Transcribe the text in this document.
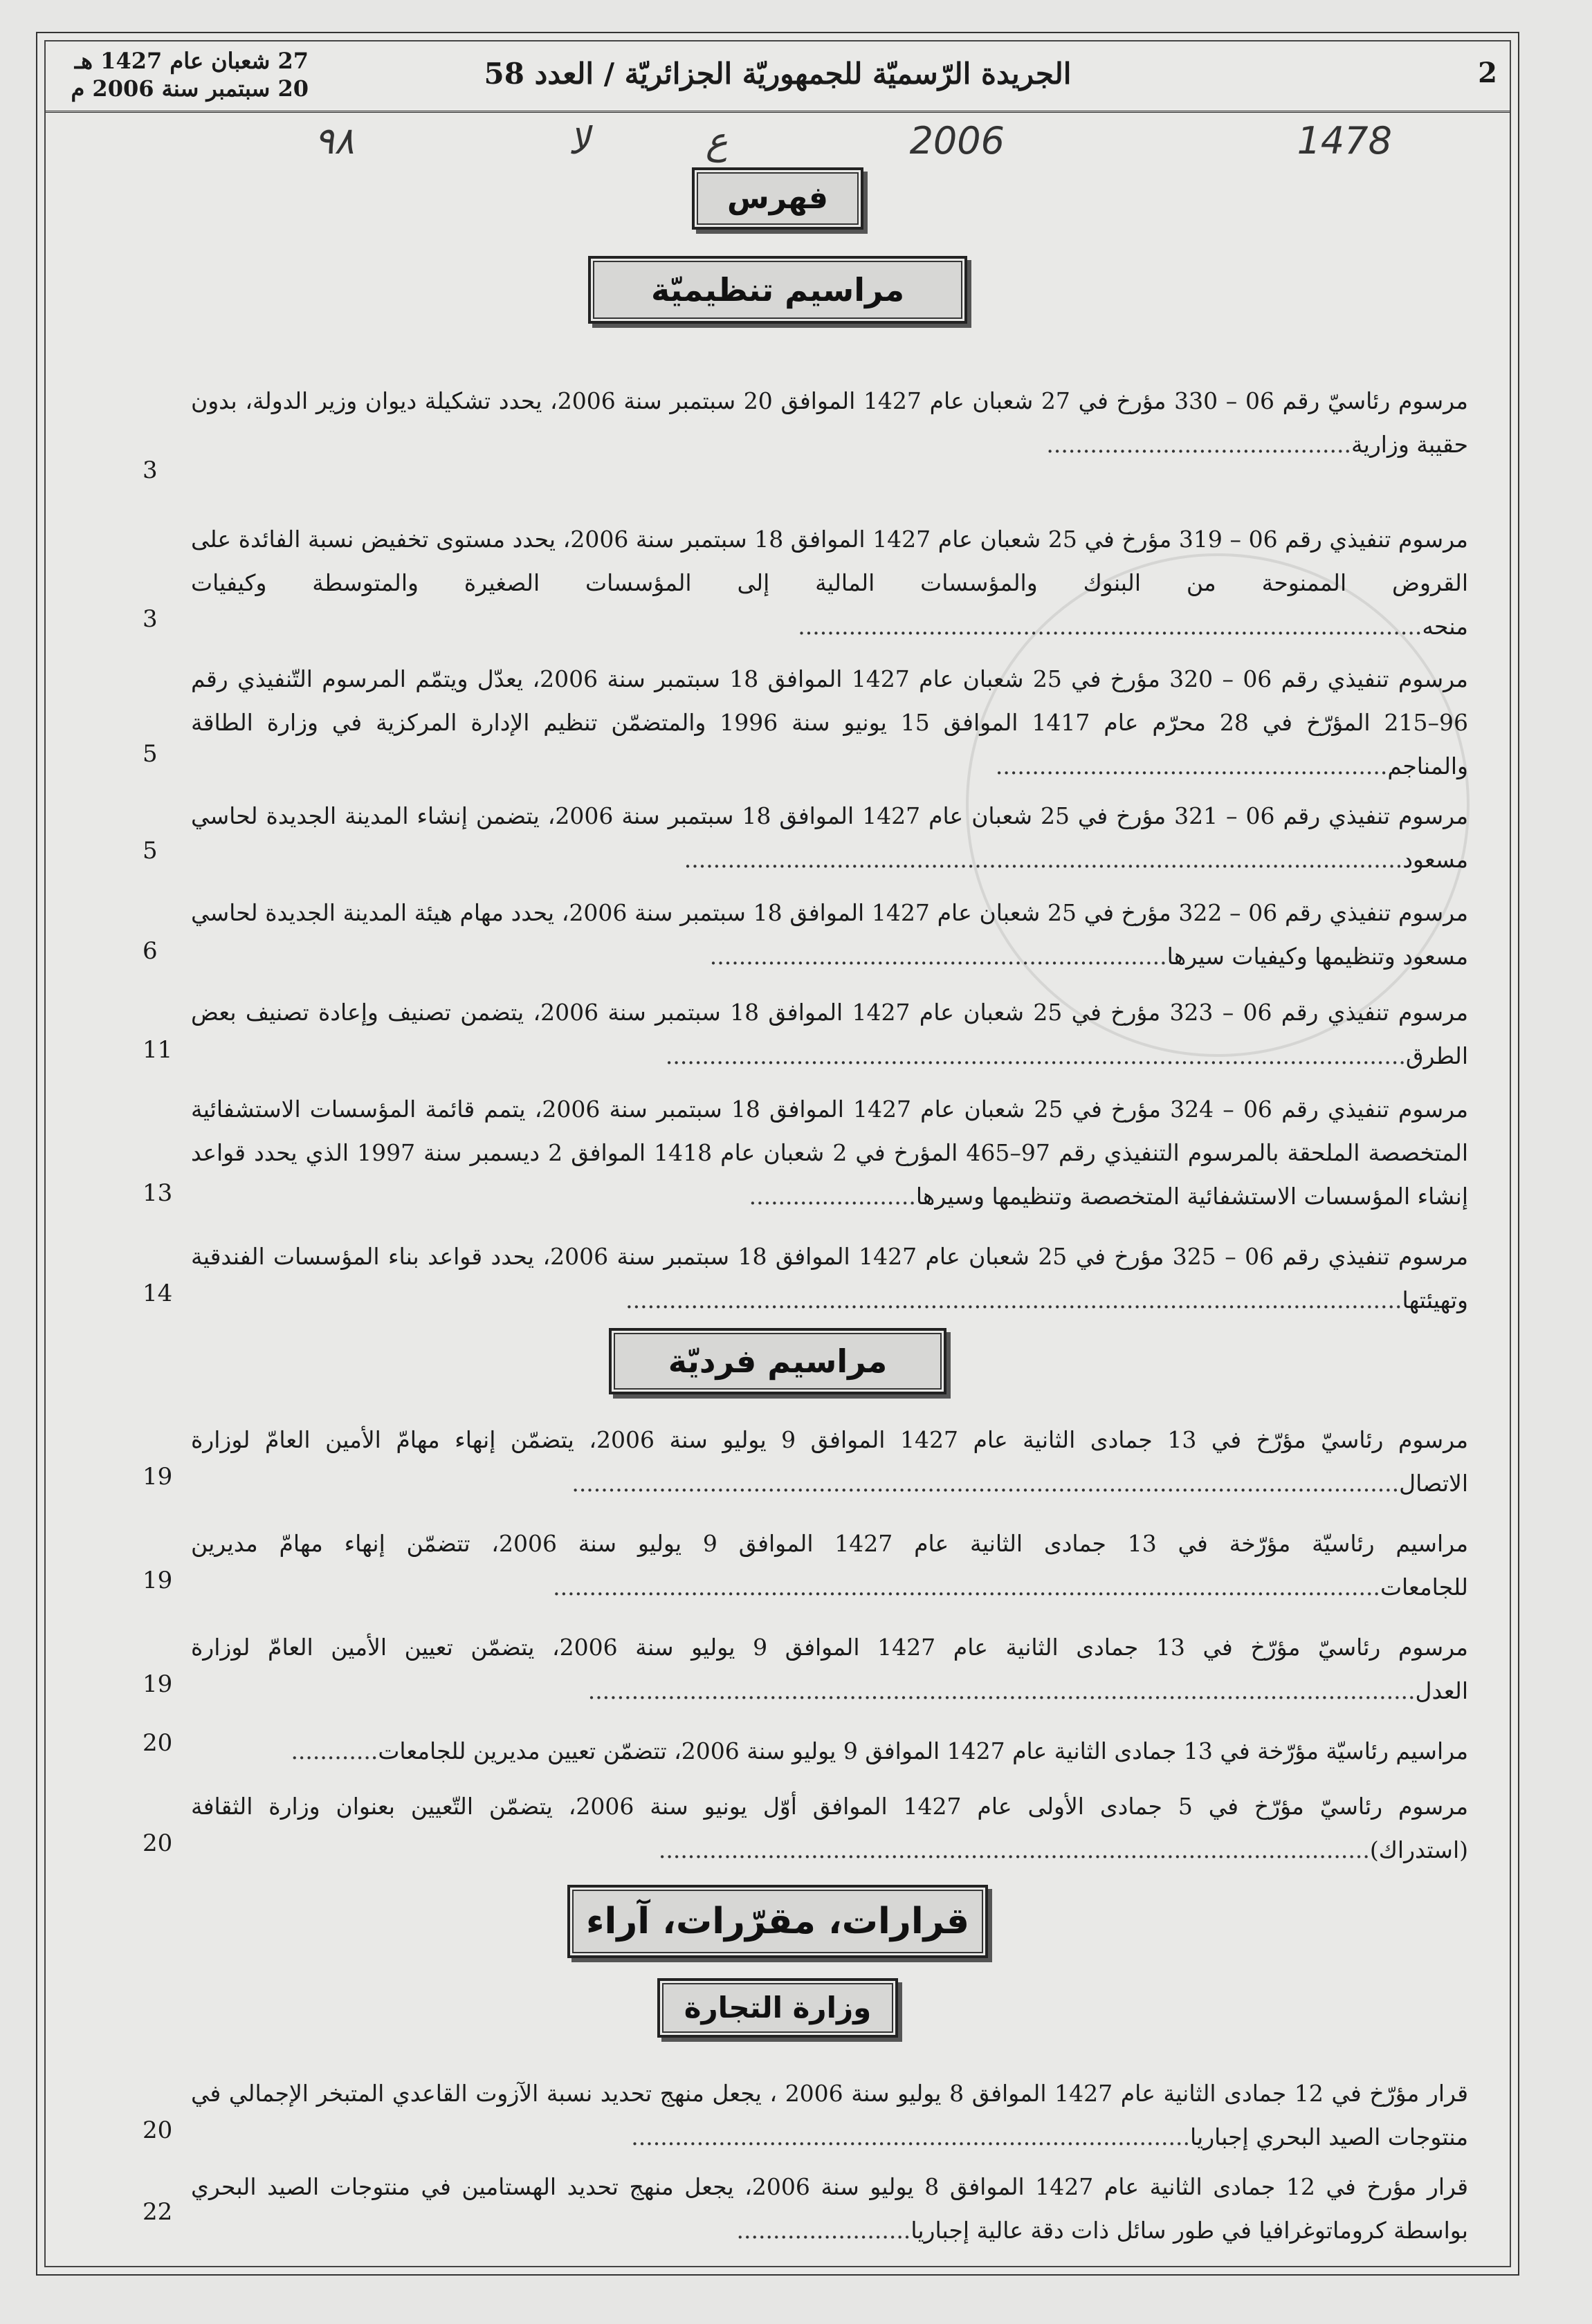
2
الجريدة الرّسميّة للجمهوريّة الجزائريّة / العدد 58
27 شعبان عام 1427 هـ
20 سبتمبر سنة 2006 م
1478
2006
ع
لا
٩٨
فهرس
مراسيم تنظيميّة
مرسوم رئاسيّ رقم 06 – 330 مؤرخ في 27 شعبان عام 1427 الموافق 20 سبتمبر سنة 2006، يحدد تشكيلة ديوان وزير الدولة، بدون حقيبة وزارية..........................................
3
مرسوم تنفيذي رقم 06 – 319 مؤرخ في 25 شعبان عام 1427 الموافق 18 سبتمبر سنة 2006، يحدد مستوى تخفيض نسبة الفائدة على القروض الممنوحة من البنوك والمؤسسات المالية إلى المؤسسات الصغيرة والمتوسطة وكيفيات منحه......................................................................................
3
مرسوم تنفيذي رقم 06 – 320 مؤرخ في 25 شعبان عام 1427 الموافق 18 سبتمبر سنة 2006، يعدّل ويتمّم المرسوم التّنفيذي رقم 96–215 المؤرّخ في 28 محرّم عام 1417 الموافق 15 يونيو سنة 1996 والمتضمّن تنظيم الإدارة المركزية في وزارة الطاقة والمناجم......................................................
5
مرسوم تنفيذي رقم 06 – 321 مؤرخ في 25 شعبان عام 1427 الموافق 18 سبتمبر سنة 2006، يتضمن إنشاء المدينة الجديدة لحاسي مسعود...................................................................................................
5
مرسوم تنفيذي رقم 06 – 322 مؤرخ في 25 شعبان عام 1427 الموافق 18 سبتمبر سنة 2006، يحدد مهام هيئة المدينة الجديدة لحاسي مسعود وتنظيمها وكيفيات سيرها...............................................................
6
مرسوم تنفيذي رقم 06 – 323 مؤرخ في 25 شعبان عام 1427 الموافق 18 سبتمبر سنة 2006، يتضمن تصنيف وإعادة تصنيف بعض الطرق......................................................................................................
11
مرسوم تنفيذي رقم 06 – 324 مؤرخ في 25 شعبان عام 1427 الموافق 18 سبتمبر سنة 2006، يتمم قائمة المؤسسات الاستشفائية المتخصصة الملحقة بالمرسوم التنفيذي رقم 97–465 المؤرخ في 2 شعبان عام 1418 الموافق 2 ديسمبر سنة 1997 الذي يحدد قواعد إنشاء المؤسسات الاستشفائية المتخصصة وتنظيمها وسيرها.......................
13
مرسوم تنفيذي رقم 06 – 325 مؤرخ في 25 شعبان عام 1427 الموافق 18 سبتمبر سنة 2006، يحدد قواعد بناء المؤسسات الفندقية وتهيئتها...........................................................................................................
14
مراسيم فرديّة
مرسوم رئاسيّ مؤرّخ في 13 جمادى الثانية عام 1427 الموافق 9 يوليو سنة 2006، يتضمّن إنهاء مهامّ الأمين العامّ لوزارة الاتصال..................................................................................................................
19
مراسيم رئاسيّة مؤرّخة في 13 جمادى الثانية عام 1427 الموافق 9 يوليو سنة 2006، تتضمّن إنهاء مهامّ مديرين للجامعات..................................................................................................................
19
مرسوم رئاسيّ مؤرّخ في 13 جمادى الثانية عام 1427 الموافق 9 يوليو سنة 2006، يتضمّن تعيين الأمين العامّ لوزارة العدل..................................................................................................................
19
مراسيم رئاسيّة مؤرّخة في 13 جمادى الثانية عام 1427 الموافق 9 يوليو سنة 2006، تتضمّن تعيين مديرين للجامعات............
20
مرسوم رئاسيّ مؤرّخ في 5 جمادى الأولى عام 1427 الموافق أوّل يونيو سنة 2006، يتضمّن التّعيين بعنوان وزارة الثقافة (استدراك)..................................................................................................
20
قرارات، مقرّرات، آراء
وزارة التجارة
قرار مؤرّخ في 12 جمادى الثانية عام 1427 الموافق 8 يوليو سنة 2006 ، يجعل منهج تحديد نسبة الآزوت القاعدي المتبخر الإجمالي في منتوجات الصيد البحري إجباريا.............................................................................
20
قرار مؤرخ في 12 جمادى الثانية عام 1427 الموافق 8 يوليو سنة 2006، يجعل منهج تحديد الهستامين في منتوجات الصيد البحري بواسطة كروماتوغرافيا في طور سائل ذات دقة عالية إجباريا........................
22
